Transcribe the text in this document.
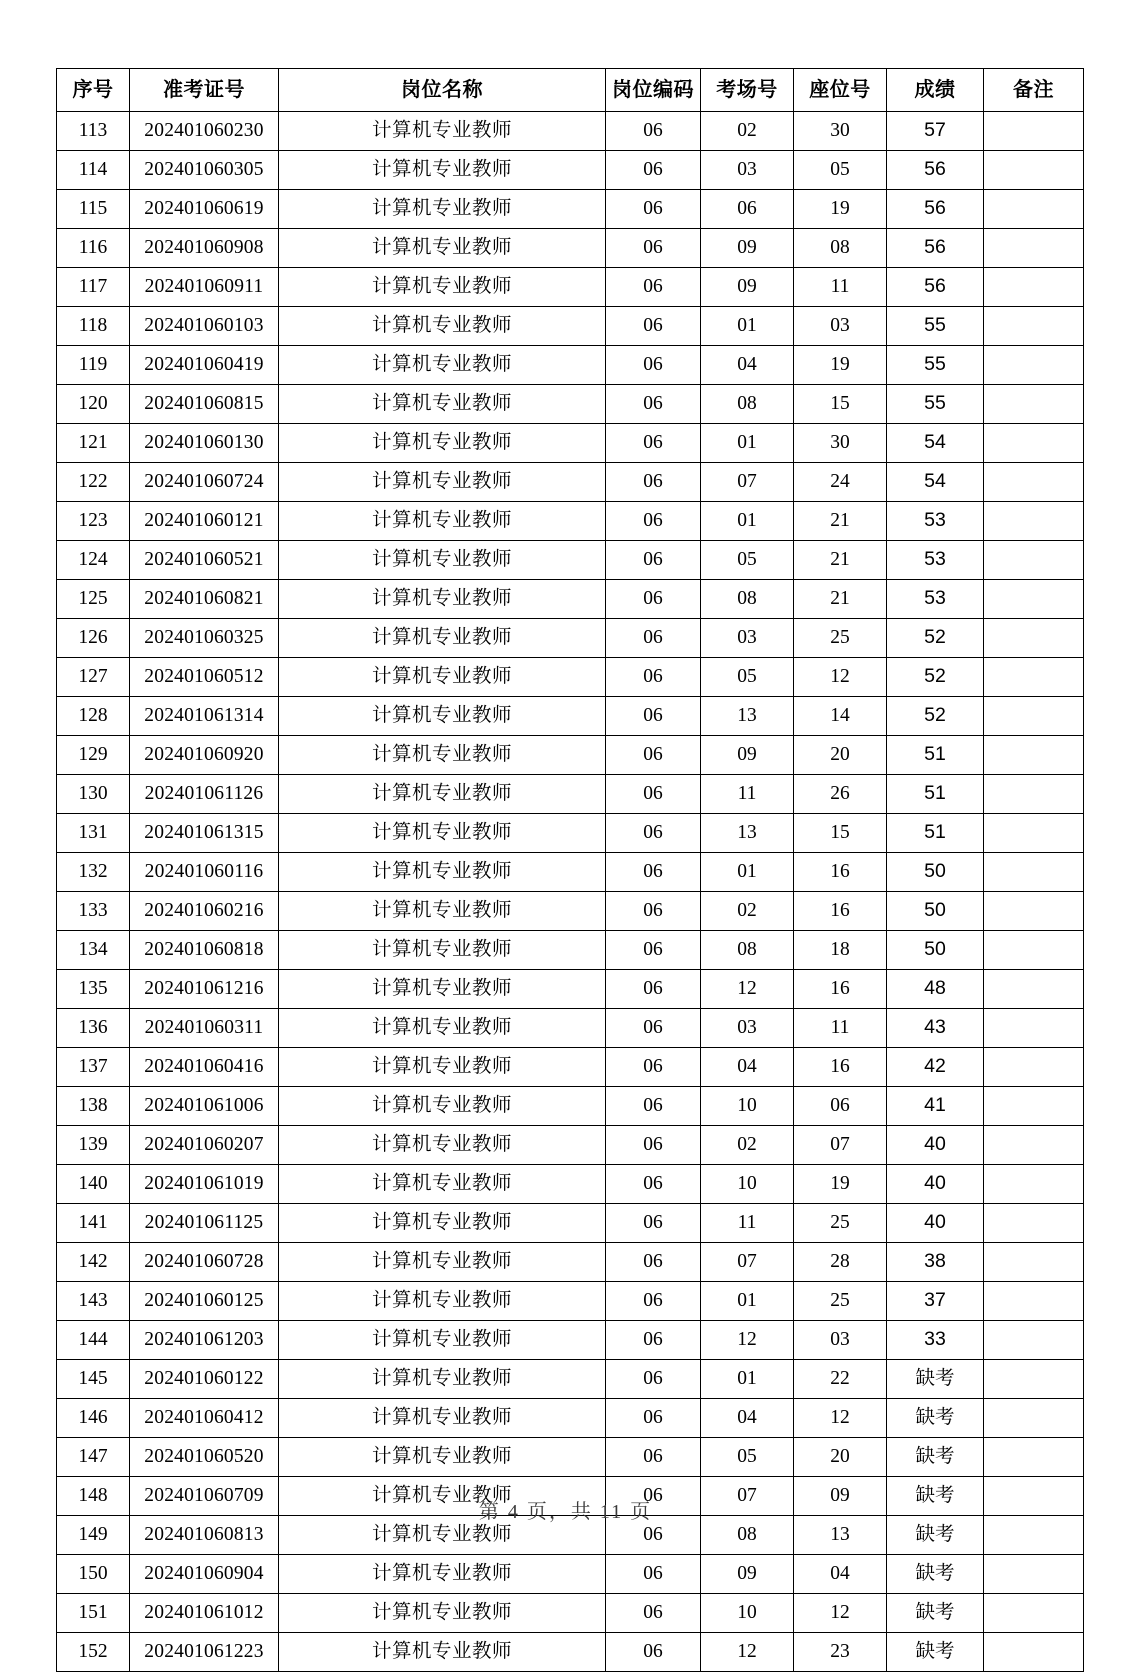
序号	准考证号	岗位名称	岗位编码	考场号	座位号	成绩	备注
113	202401060230	计算机专业教师	06	02	30	57	
114	202401060305	计算机专业教师	06	03	05	56	
115	202401060619	计算机专业教师	06	06	19	56	
116	202401060908	计算机专业教师	06	09	08	56	
117	202401060911	计算机专业教师	06	09	11	56	
118	202401060103	计算机专业教师	06	01	03	55	
119	202401060419	计算机专业教师	06	04	19	55	
120	202401060815	计算机专业教师	06	08	15	55	
121	202401060130	计算机专业教师	06	01	30	54	
122	202401060724	计算机专业教师	06	07	24	54	
123	202401060121	计算机专业教师	06	01	21	53	
124	202401060521	计算机专业教师	06	05	21	53	
125	202401060821	计算机专业教师	06	08	21	53	
126	202401060325	计算机专业教师	06	03	25	52	
127	202401060512	计算机专业教师	06	05	12	52	
128	202401061314	计算机专业教师	06	13	14	52	
129	202401060920	计算机专业教师	06	09	20	51	
130	202401061126	计算机专业教师	06	11	26	51	
131	202401061315	计算机专业教师	06	13	15	51	
132	202401060116	计算机专业教师	06	01	16	50	
133	202401060216	计算机专业教师	06	02	16	50	
134	202401060818	计算机专业教师	06	08	18	50	
135	202401061216	计算机专业教师	06	12	16	48	
136	202401060311	计算机专业教师	06	03	11	43	
137	202401060416	计算机专业教师	06	04	16	42	
138	202401061006	计算机专业教师	06	10	06	41	
139	202401060207	计算机专业教师	06	02	07	40	
140	202401061019	计算机专业教师	06	10	19	40	
141	202401061125	计算机专业教师	06	11	25	40	
142	202401060728	计算机专业教师	06	07	28	38	
143	202401060125	计算机专业教师	06	01	25	37	
144	202401061203	计算机专业教师	06	12	03	33	
145	202401060122	计算机专业教师	06	01	22	缺考	
146	202401060412	计算机专业教师	06	04	12	缺考	
147	202401060520	计算机专业教师	06	05	20	缺考	
148	202401060709	计算机专业教师	06	07	09	缺考	
149	202401060813	计算机专业教师	06	08	13	缺考	
150	202401060904	计算机专业教师	06	09	04	缺考	
151	202401061012	计算机专业教师	06	10	12	缺考	
152	202401061223	计算机专业教师	06	12	23	缺考	
第 4 页，共 11 页
